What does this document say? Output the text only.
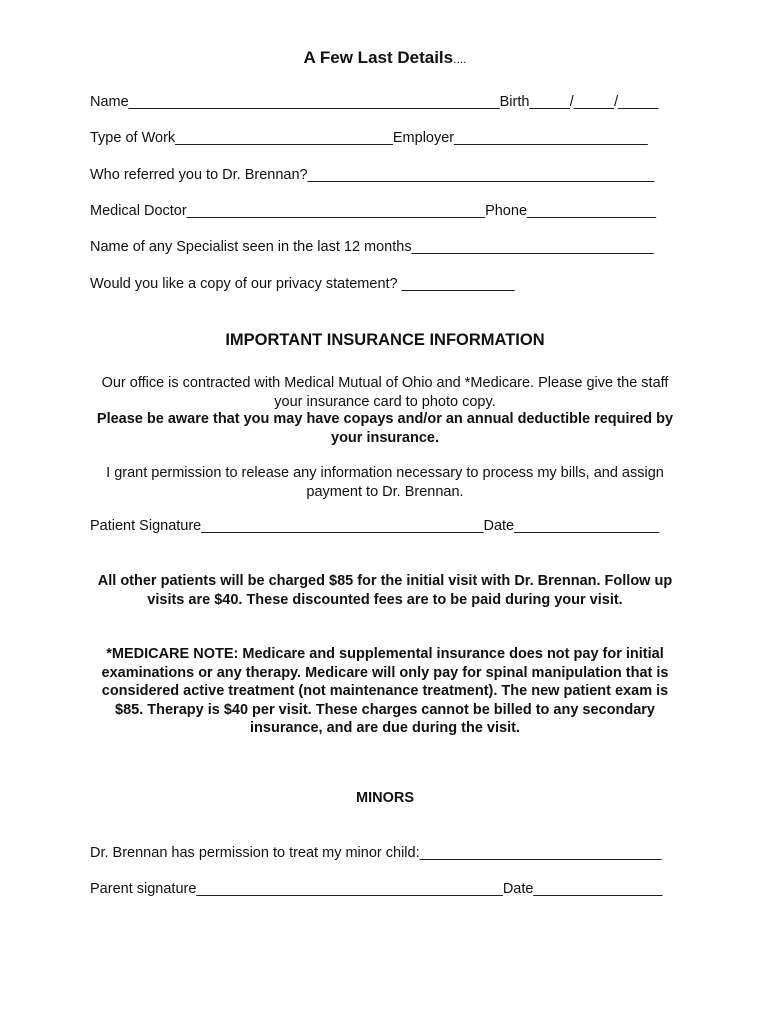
A Few Last Details....
Name______________________________________________Birth_____/_____/_____
Type of Work___________________________Employer________________________
Who referred you to Dr. Brennan?___________________________________________
Medical Doctor_____________________________________Phone________________
Name of any Specialist seen in the last 12 months______________________________
Would you like a copy of our privacy statement? ______________
IMPORTANT INSURANCE INFORMATION
Our office is contracted with Medical Mutual of Ohio and *Medicare. Please give the staff your insurance card to photo copy.
Please be aware that you may have copays and/or an annual deductible required by your insurance.
I grant permission to release any information necessary to process my bills, and assign payment to Dr. Brennan.
Patient Signature___________________________________Date__________________
All other patients will be charged $85 for the initial visit with Dr. Brennan. Follow up visits are $40. These discounted fees are to be paid during your visit.
*MEDICARE NOTE: Medicare and supplemental insurance does not pay for initial examinations or any therapy. Medicare will only pay for spinal manipulation that is considered active treatment (not maintenance treatment). The new patient exam is $85. Therapy is $40 per visit. These charges cannot be billed to any secondary insurance, and are due during the visit.
MINORS
Dr. Brennan has permission to treat my minor child:______________________________
Parent signature______________________________________Date________________
